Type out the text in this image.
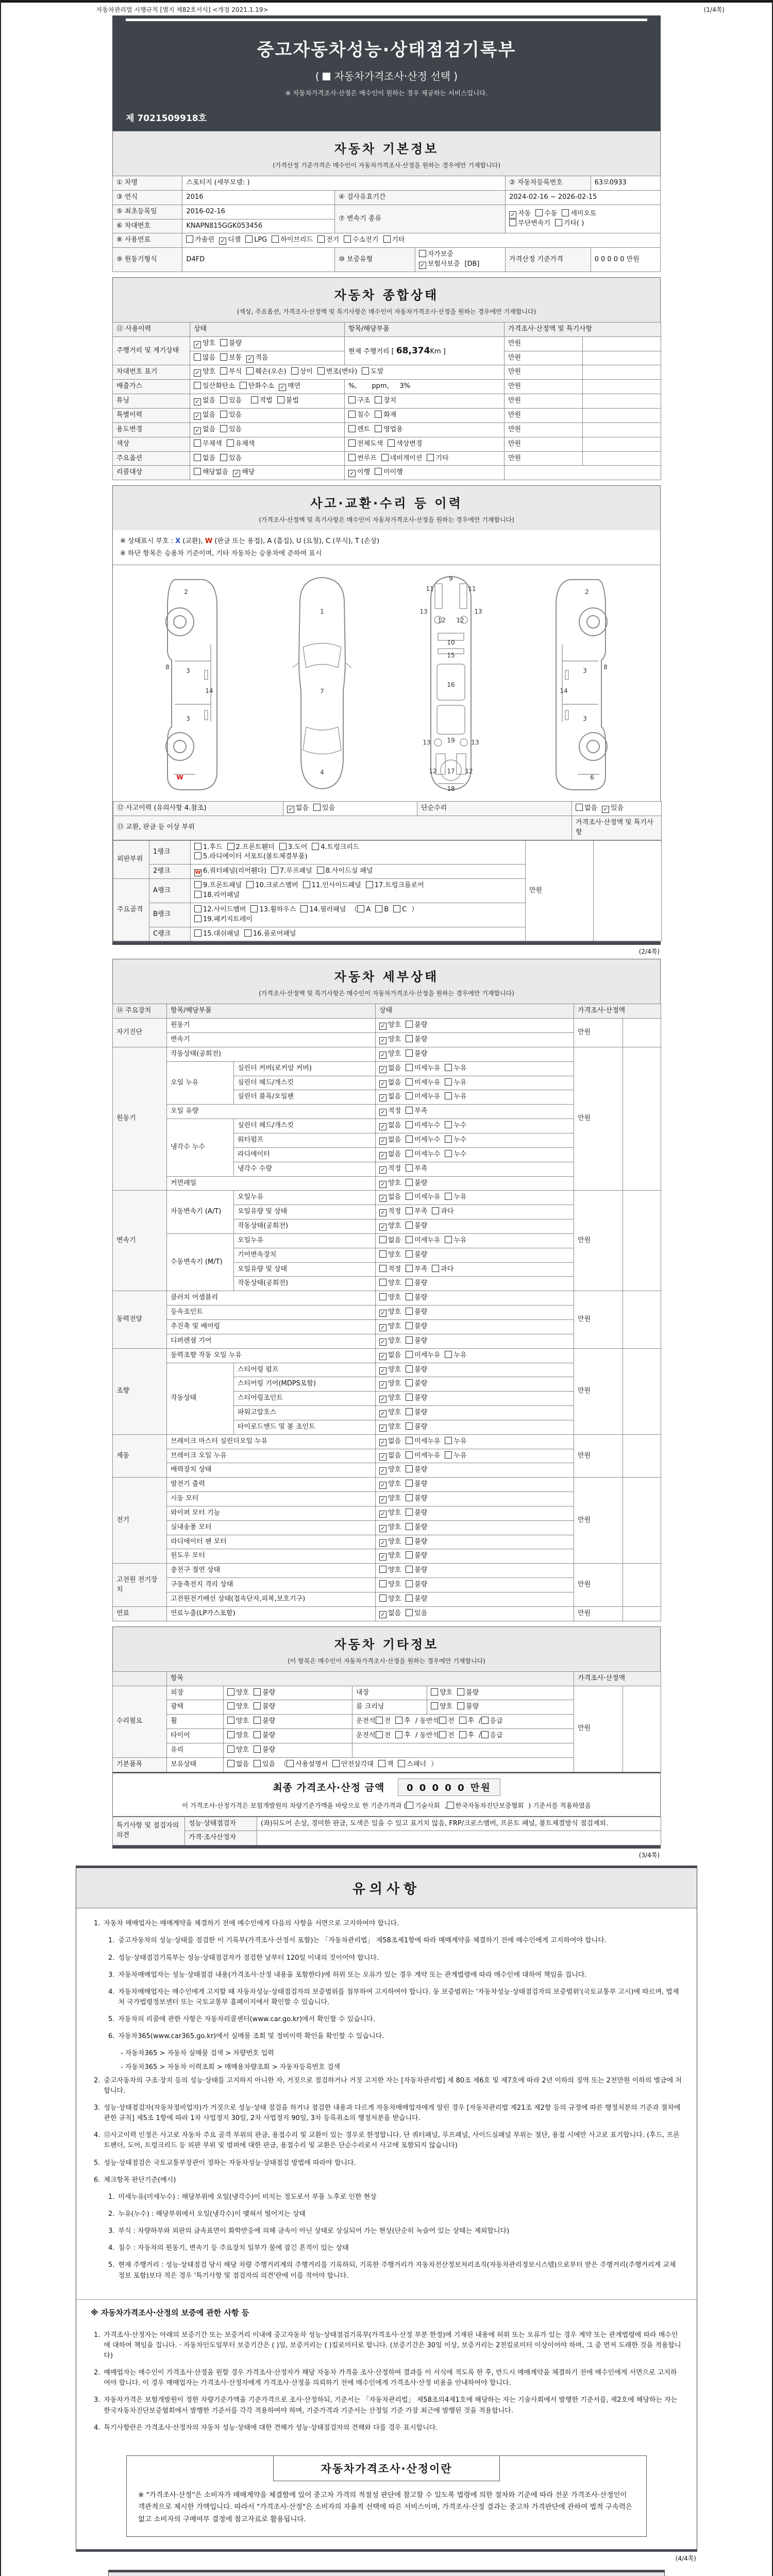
자동차관리법 시행규칙 [별지 제82호서식] <개정 2021.1.19>	(1/4쪽)
중고자동차성능·상태점검기록부
( 자동차가격조사·산정 선택 )
※ 자동차가격조사·산정은 매수인이 원하는 경우 제공하는 서비스입니다.
제 7021509918호
자동차 기본정보

(가격산정 기준가격은 매수인이 자동차가격조사·산정을 원하는 경우에만 기재합니다)

① 차명	스포티지 (세부모델: )			② 자동차등록번호	63모0933
③ 연식	2016	④ 검사유효기간		2024-02-16 ~ 2026-02-15	
⑤ 최초등록일	2016-02-16	⑦ 변속기 종류		✓ 자동 수동 세미오토
무단변속기 기타( )	

⑥ 차대번호	KNAPN815GGK053456				
⑧ 사용연료	가솔린 ✓ 디젤 LPG 하이브리드 전기 수소전기 기타				
⑨ 원동기형식	D4FD	⑩ 보증유형	자가보증✓ 보험사보증 [DB]	가격산정 기준가격	0 0 0 0 0 만원
자동차 종합상태

(색상, 주요옵션, 가격조사·산정액 및 특기사항은 매수인이 자동차가격조사·산정을 원하는 경우에만 기재합니다)

⑪ 사용이력	상태	항목/해당부품	가격조사·산정액 및 특기사항	
주행거리 및 계기상태	✓ 양호 불량	현재 주행거리 [ 68,374Km ]	만원	
	많음 보통 ✓ 적음		만원	
차대번호 표기	✓ 양호 부식 훼손(오손) 상이 변조(변타) 도말		만원	
배출가스	일산화탄소 탄화수소 ✓ 매연	%,       ppm,     3%	만원	
튜닝	✓ 없음 있음 적법 불법	구조 장치	만원	
특별이력	✓ 없음 있음	침수 화재	만원	
용도변경	✓ 없음 있음	렌트 영업용	만원	
색상	무채색 유채색	전체도색 색상변경	만원	
주요옵션	없음 있음	썬루프 네비게이션 기타	만원	
리콜대상	해당없음 ✓ 해당	✓ 이행 미이행		
사고·교환·수리 등 이력

(가격조사·산정액 및 특기사항은 매수인이 자동차가격조사·산정을 원하는 경우에만 기재합니다)

※ 상태표시 부호 : X (교환), W (판금 또는 용접), A (흠집), U (요철), C (부식), T (손상)
※ 하단 항목은 승용차 기준이며, 기타 자동차는 승용차에 준하여 표시
2
8	3
14
3
W
1
7
4
9
11	11
13	13
12 12
10
15
16
19
13	13
12	12
17
18
2
8
3
14
3
6
⑫ 사고이력 (유의사항 4.참조)	✓ 없음 있음	단순수리	없음 ✓ 있음
⑬ 교환, 판금 등 이상 부위			가격조사·산정액 및 특기사항
외판부위	1랭크	1.후드 2.프론트휀더 3.도어 4.트렁크리드
5.라디에이터 서포트(볼트체결부품)	만원	
	2랭크	W 6.쿼터패널(리어휀다) 7.루프패널 8.사이드실 패널		
주요골격	A랭크	9.프론트패널 10.크로스멤버 11.인사이드패널 17.트렁크플로어
18.리어패널		

	B랭크	12.사이드멤버 13.휠하우스 14.필러패널 （ A B C ）
19.패키지트레이		

	C랭크	15.대쉬패널 16.플로어패널		
(2/4쪽)
자동차 세부상태

(가격조사·산정액 및 특기사항은 매수인이 자동차가격조사·산정을 원하는 경우에만 기재합니다)

⑭ 주요장치	항목/해당부품		상태	가격조사·산정액	
자기진단	원동기		✓ 양호 불량	만원	
	변속기		✓ 양호 불량		
원동기	작동상태(공회전)		✓ 양호 불량	만원	
	오일 누유	실린더 커버(로커암 커버)	✓ 없음 미세누유 누유		
		실린더 헤드/개스킷	✓ 없음 미세누유 누유		
		실린더 블록/오일팬	✓ 없음 미세누유 누유		
	오일 유량		✓ 적정 부족		
	냉각수 누수	실린더 헤드/개스킷	✓ 없음 미세누수 누수		
		워터펌프	✓ 없음 미세누수 누수		
		라디에이터	✓ 없음 미세누수 누수		
		냉각수 수량	✓ 적정 부족		
	커먼레일		✓ 양호 불량		
변속기	자동변속기 (A/T)	오일누유	✓ 없음 미세누유 누유	만원	
		오일유량 및 상태	✓ 적정 부족 과다		
		작동상태(공회전)	✓ 양호 불량		
	수동변속기 (M/T)	오일누유	없음 미세누유 누유		
		기어변속장치	양호 불량		
		오일유량 및 상태	적정 부족 과다		
		작동상태(공회전)	양호 불량		
동력전달	클러치 어셈블리		양호 불량	만원	
	등속조인트		✓ 양호 불량		
	추진축 및 베어링		✓ 양호 불량		
	디퍼렌셜 기어		✓ 양호 불량		
조향	동력조향 작동 오일 누유		✓ 없음 미세누유 누유	만원	
	작동상태	스티어링 펌프	✓ 양호 불량		
		스티어링 기어(MDPS포함)	✓ 양호 불량		
		스티어링조인트	✓ 양호 불량		
		파워고압호스	✓ 양호 불량		
		타이로드엔드 및 볼 조인트	✓ 양호 불량		
제동	브레이크 마스터 실린더오일 누유		✓ 없음 미세누유 누유	만원	
	브레이크 오일 누유		✓ 없음 미세누유 누유		
	배력장치 상태		✓ 양호 불량		
전기	발전기 출력		✓ 양호 불량	만원	
	시동 모터		✓ 양호 불량		
	와이퍼 모터 기능		✓ 양호 불량		
	실내송풍 모터		✓ 양호 불량		
	라디에이터 팬 모터		✓ 양호 불량		
	윈도우 모터		✓ 양호 불량		
고전원 전기장치	충전구 절연 상태		양호 불량	만원	
	구동축전지 격리 상태		양호 불량		
	고전원전기배선 상태(접속단자,피복,보호기구)		양호 불량		
연료	연료누출(LP가스포함)		✓ 없음 있음	만원	
자동차 기타정보

(이 항목은 매수인이 자동차가격조사·산정을 원하는 경우에만 기재합니다)

	항목				가격조사·산정액	
수리필요	외장	양호 불량	내장	양호 불량	만원	
	광택	양호 불량	룸 크리닝	양호 불량		
	휠	양호 불량	운전석 전 후 / 동반석 전 후 / 응급			
	타이어	양호 불량	운전석 전 후 / 동반석 전 후 / 응급			
	유리	양호 불량				
기본품목	보유상태	없음 있음 （ 사용설명서 안전삼각대 잭 스패너 ）				
최종 가격조사·산정 금액 0 0 0 0 0 만원
이 가격조사·산정가격은 보험개발원의 차량기준가액을 바탕으로 한 기준가격과 ( 기술사회 , 한국자동차진단보증협회 ) 기준서를 적용하였음
특기사항 및 점검자의 의견	성능·상태점검자	(좌)뒤도어 손상, 경미한 판금, 도색은 있을 수 있고 표기치 않음, FRP/크로스멤버, 프론트 패널, 볼트체결방식 점검제외.
	가격·조사산정자	
(3/4쪽)
유의사항
1. 자동차 매매업자는 매매계약을 체결하기 전에 매수인에게 다음의 사항을 서면으로 고지하여야 합니다.
1. 중고자동차의 성능·상태를 점검한 이 기록부(가격조사·산정서 포함)는 「자동차관리법」 제58조제1항에 따라 매매계약을 체결하기 전에 매수인에게 고지하여야 합니다.
2. 성능·상태점검기록부는 성능·상태점검자가 점검한 날부터 120일 이내의 것이어야 합니다.
3. 자동차매매업자는 성능·상태점검 내용(가격조사·산정 내용을 포함한다)에 허위 또는 오류가 있는 경우 계약 또는 관계법령에 따라 매수인에 대하여 책임을 집니다.
4. 자동차매매업자는 매수인에게 고지할 때 자동차성능·상태점검자의 보증범위를 첨부하여 고지하여야 합니다. 동 보증범위는 '자동차성능·상태점검자의 보증범위'(국토교통부 고시)에 따르며, 법제처 국가법령정보센터 또는 국토교통부 홈페이지에서 확인할 수 있습니다.
5. 자동차의 리콜에 관한 사항은 자동차리콜센터(www.car.go.kr)에서 확인할 수 있습니다.
6. 자동차365(www.car365.go.kr)에서 실매물 조회 및 정비이력 확인을 확인할 수 있습니다.
- 자동차365 > 자동차 실매물 검색 > 차량번호 입력
- 자동차365 > 자동차 이력조회 > 매매용차량조회 > 자동차등록번호 검색
2. 중고자동차의 구조·장치 등의 성능·상태를 고지하지 아니한 자, 거짓으로 점검하거나 거짓 고지한 자는 [자동차관리법] 제 80조 제6호 및 제7호에 따라 2년 이하의 징역 또는 2천만원 이하의 벌금에 처합니다.
3. 성능·상태점검자(자동차정비업자)가 거짓으로 성능·상태 점검을 하거나 점검한 내용과 다르게 자동차매매업자에게 알린 경우 [자동차관리법 제21조 제2항 등의 규정에 따른 행정처분의 기준과 절차에 관한 규칙] 제5조 1항에 따라 1차 사업정지 30일, 2차 사업정지 90일, 3차 등록취소의 행정처분을 받습니다.
4. ⑫사고이력 인정은 사고로 자동차 주요 골격 부위의 판금, 용접수리 및 교환이 있는 경우로 한정합니다. 단 쿼터패널, 루프패널, 사이드실패널 부위는 절단, 용접 시에만 사고로 표기합니다. (후드, 프론트펜더, 도어, 트렁크리드 등 외판 부위 및 범퍼에 대한 판금, 용접수리 및 교환은 단순수리로서 사고에 포함되지 않습니다)
5. 성능·상태점검은 국토교통부장관이 정하는 자동차성능·상태점검 방법에 따라야 합니다.
6. 체크항목 판단기준(예시)
1. 미세누유(미세누수) : 해당부위에 오일(냉각수)이 비치는 정도로서 부품 노후로 인한 현상
2. 누유(누수) : 해당부위에서 오일(냉각수)이 맺혀서 떨어지는 상태
3. 부식 : 차량하부와 외판의 금속표면이 화학반응에 의해 금속이 아닌 상태로 상실되어 가는 현상(단순히 녹슬어 있는 상태는 제외합니다)
4. 침수 : 자동차의 원동기, 변속기 등 주요장치 일부가 물에 잠긴 흔적이 있는 상태
5. 현재 주행거리 : 성능·상태점검 당시 해당 차량 주행거리계의 주행거리를 기록하되, 기록한 주행거리가 자동차전산정보처리조직(자동차관리정보시스템)으로부터 받은 주행거리(주행거리계 교체 정보 포함)보다 적은 경우 '특기사항 및 점검자의 의견'란에 이를 적어야 합니다.
※ 자동차가격조사·산정의 보증에 관한 사항 등
1. 가격조사·산정자는 아래의 보증기간 또는 보증거리 이내에 중고자동차 성능·상태점검기록부(가격조사·산정 부분 한정)에 기재된 내용에 허위 또는 오류가 있는 경우 계약 또는 관계법령에 따라 매수인에 대하여 책임을 집니다. · 자동차인도일부터 보증기간은 ( )일, 보증거리는 ( )킬로미터로 합니다. (보증기간은 30일 이상, 보증거리는 2천킬로미터 이상이어야 하며, 그 중 먼저 도래한 것을 적용합니다)
2. 매매업자는 매수인이 가격조사·산정을 원할 경우 가격조사·산정자가 해당 자동차 가격을 조사·산정하여 결과를 이 서식에 적도록 한 후, 반드시 매매계약을 체결하기 전에 매수인에게 서면으로 고지하여야 합니다. 이 경우 매매업자는 가격조사·산정자에게 가격조사·산정을 의뢰하기 전에 매수인에게 가격조사·산정 비용을 안내하여야 합니다.
3. 자동차가격은 보험개발원이 정한 차량기준가액을 기준가격으로 조사·산정하되, 기준서는 「자동차관리법」 제58조의4제1호에 해당하는 자는 기술사회에서 발행한 기준서를, 제2호에 해당하는 자는 한국자동차진단보증협회에서 발행한 기준서를 각각 적용하여야 하며, 기준가격과 기준서는 산정일 기준 가장 최근에 발행된 것을 적용합니다.
4. 특기사항란은 가격조사·산정자의 자동차 성능·상태에 대한 견해가 성능·상태점검자의 견해와 다를 경우 표시합니다.
자동차가격조사·산정이란
※ "가격조사·산정"은 소비자가 매매계약을 체결함에 있어 중고차 가격의 적절성 판단에 참고할 수 있도록 법령에 의한 절차와 기준에 따라 전문 가격조사·산정인이 객관적으로 제시한 가액입니다. 따라서 "가격조사·산정"은 소비자의 자율적 선택에 따른 서비스이며, 가격조사·산정 결과는 중고차 가격판단에 관하여 법적 구속력은 없고 소비자의 구매여부 결정에 참고자료로 활용됩니다.
(4/4쪽)
